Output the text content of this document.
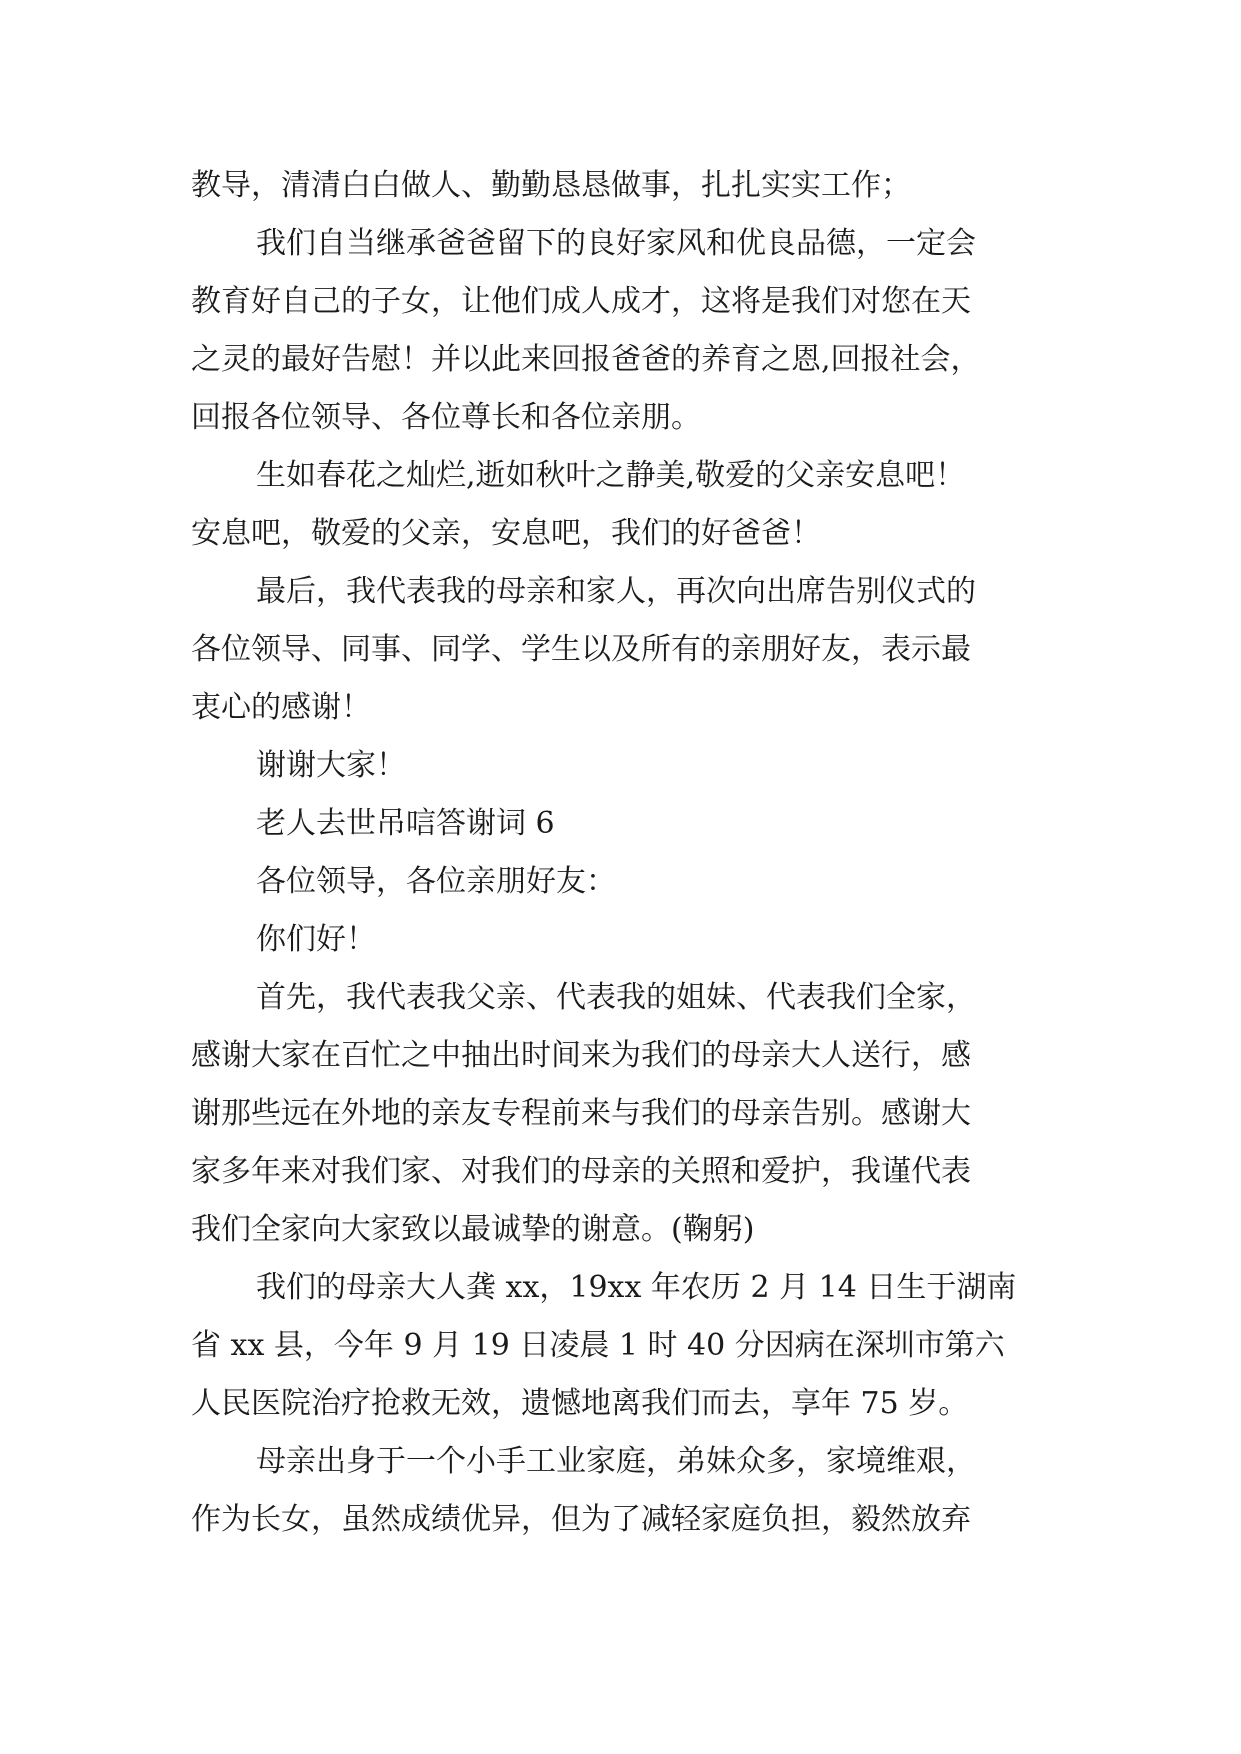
教导，清清白白做人、勤勤恳恳做事，扎扎实实工作；
我们自当继承爸爸留下的良好家风和优良品德，一定会
教育好自己的子女，让他们成人成才，这将是我们对您在天
之灵的最好告慰！并以此来回报爸爸的养育之恩,回报社会，
回报各位领导、各位尊长和各位亲朋。
生如春花之灿烂,逝如秋叶之静美,敬爱的父亲安息吧！
安息吧，敬爱的父亲，安息吧，我们的好爸爸！
最后，我代表我的母亲和家人，再次向出席告别仪式的
各位领导、同事、同学、学生以及所有的亲朋好友，表示最
衷心的感谢！
谢谢大家！
老人去世吊唁答谢词 6
各位领导，各位亲朋好友：
你们好！
首先，我代表我父亲、代表我的姐妹、代表我们全家，
感谢大家在百忙之中抽出时间来为我们的母亲大人送行，感
谢那些远在外地的亲友专程前来与我们的母亲告别。感谢大
家多年来对我们家、对我们的母亲的关照和爱护，我谨代表
我们全家向大家致以最诚挚的谢意。(鞠躬)
我们的母亲大人龚 xx，19xx 年农历 2 月 14 日生于湖南
省 xx 县，今年 9 月 19 日凌晨 1 时 40 分因病在深圳市第六
人民医院治疗抢救无效，遗憾地离我们而去，享年 75 岁。
母亲出身于一个小手工业家庭，弟妹众多，家境维艰，
作为长女，虽然成绩优异，但为了减轻家庭负担，毅然放弃
